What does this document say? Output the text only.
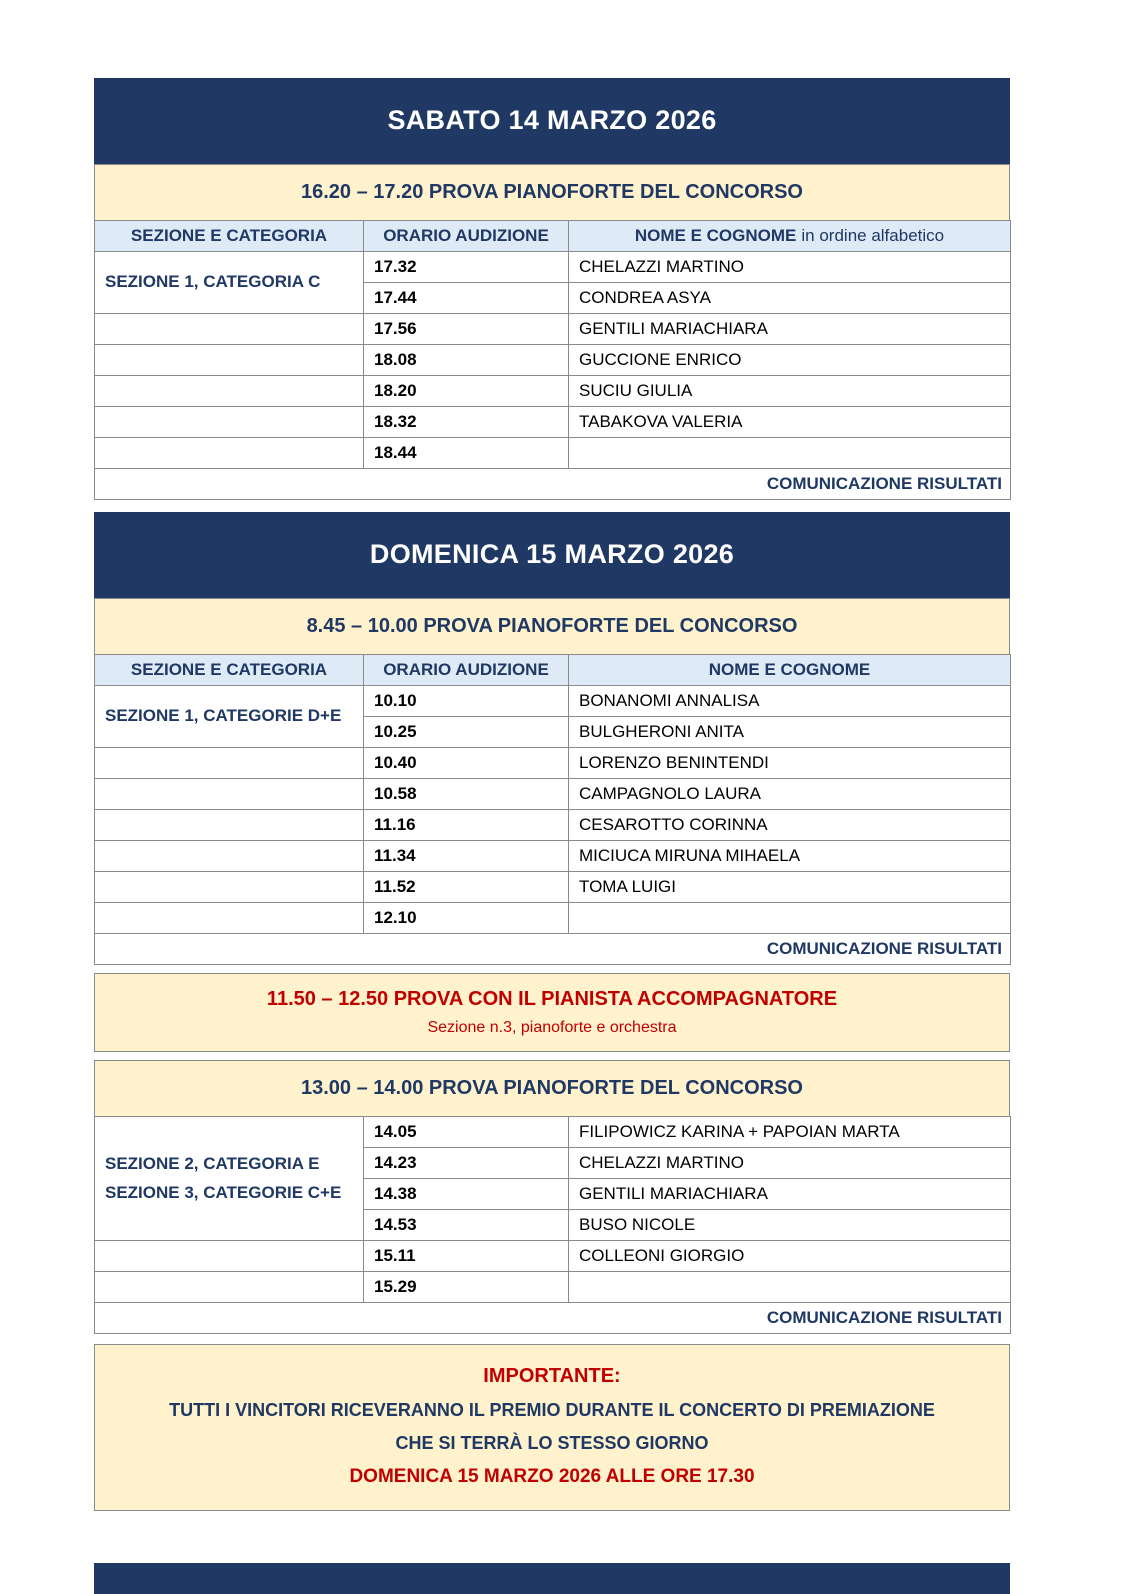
SABATO 14 MARZO 2026
16.20 – 17.20 PROVA PIANOFORTE DEL CONCORSO
SEZIONE E CATEGORIA	ORARIO AUDIZIONE	NOME E COGNOME in ordine alfabetico
SEZIONE 1, CATEGORIA C	17.32	CHELAZZI MARTINO
	17.44	CONDREA ASYA
	17.56	GENTILI MARIACHIARA
	18.08	GUCCIONE ENRICO
	18.20	SUCIU GIULIA
	18.32	TABAKOVA VALERIA
	18.44	
COMUNICAZIONE RISULTATI		
DOMENICA 15 MARZO 2026
8.45 – 10.00 PROVA PIANOFORTE DEL CONCORSO
SEZIONE E CATEGORIA	ORARIO AUDIZIONE	NOME E COGNOME
SEZIONE 1, CATEGORIE D+E	10.10	BONANOMI ANNALISA
	10.25	BULGHERONI ANITA
	10.40	LORENZO BENINTENDI
	10.58	CAMPAGNOLO LAURA
	11.16	CESAROTTO CORINNA
	11.34	MICIUCA MIRUNA MIHAELA
	11.52	TOMA LUIGI
	12.10	
COMUNICAZIONE RISULTATI		
11.50 – 12.50 PROVA CON IL PIANISTA ACCOMPAGNATORE
Sezione n.3, pianoforte e orchestra
13.00 – 14.00 PROVA PIANOFORTE DEL CONCORSO
SEZIONE 2, CATEGORIA E
SEZIONE 3, CATEGORIE C+E	14.05	FILIPOWICZ KARINA + PAPOIAN MARTA
	14.23	CHELAZZI MARTINO
	14.38	GENTILI MARIACHIARA
	14.53	BUSO NICOLE
	15.11	COLLEONI GIORGIO
	15.29	
COMUNICAZIONE RISULTATI		
IMPORTANTE:
TUTTI I VINCITORI RICEVERANNO IL PREMIO DURANTE IL CONCERTO DI PREMIAZIONE
CHE SI TERRÀ LO STESSO GIORNO
DOMENICA 15 MARZO 2026 ALLE ORE 17.30
